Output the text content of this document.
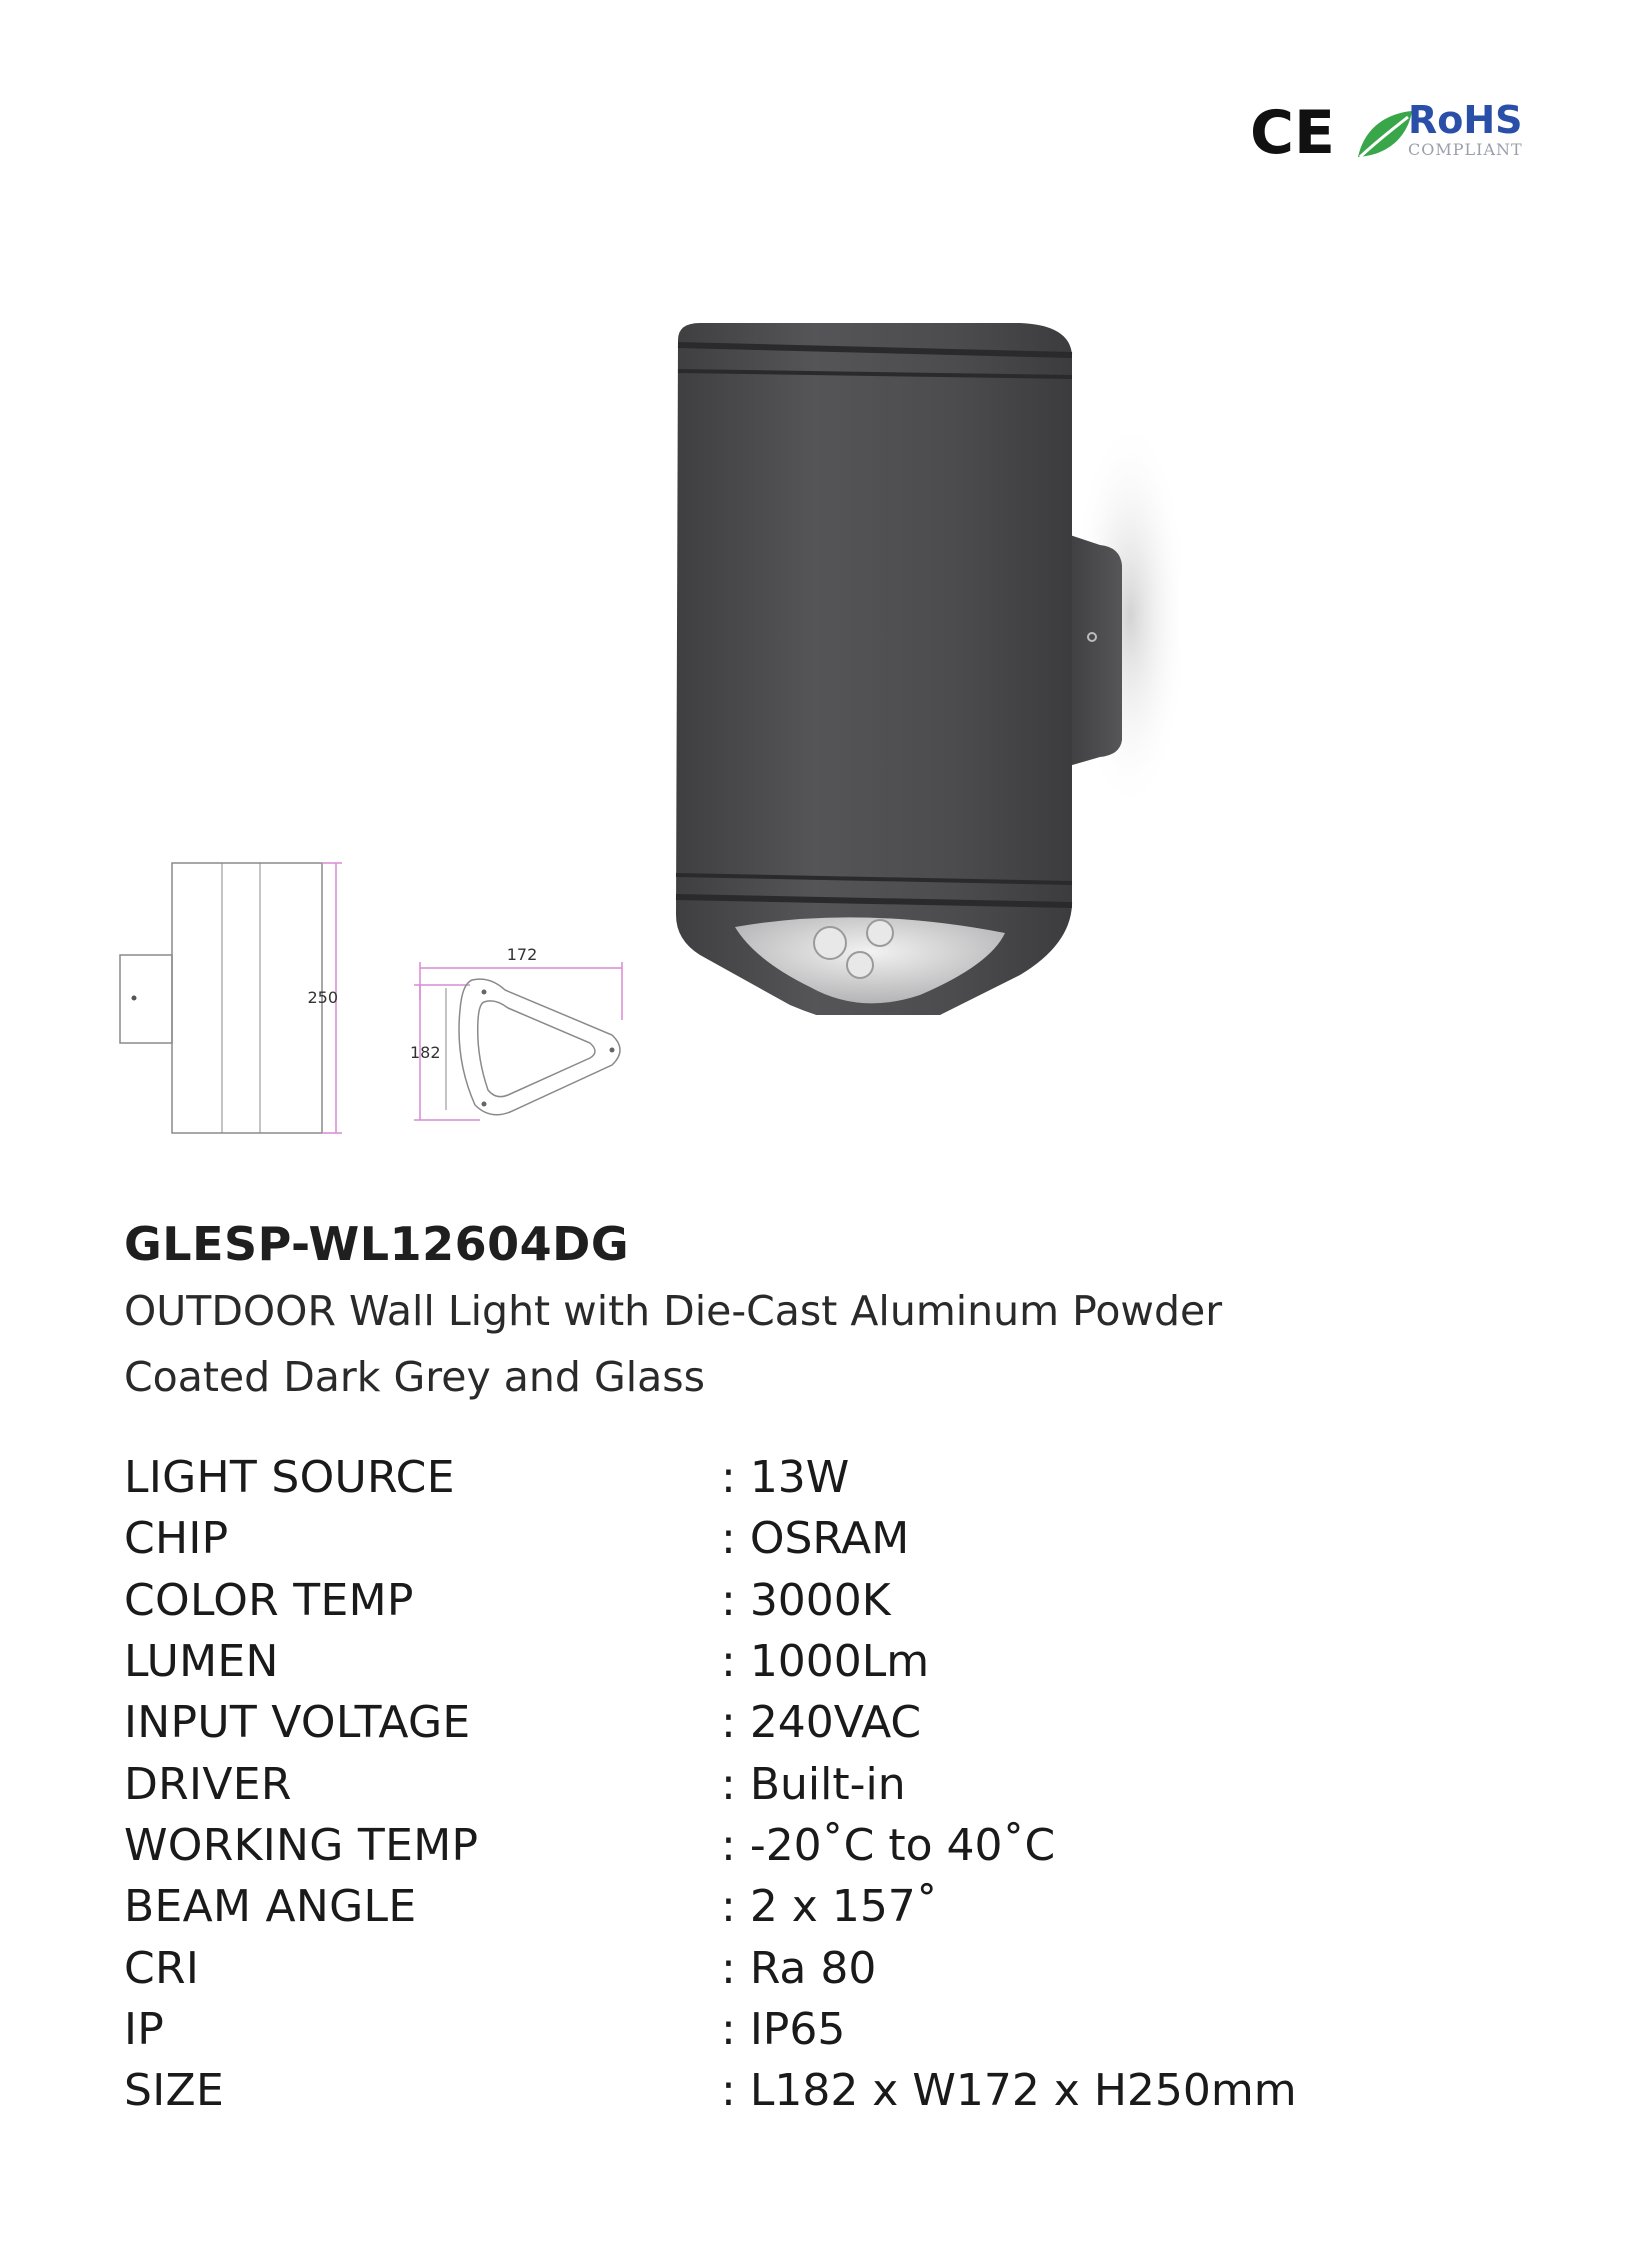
CE RoHS
COMPLIANT
250
172
182
GLESP-WL12604DG

OUTDOOR Wall Light with Die-Cast Aluminum Powder

Coated Dark Grey and Glass

LIGHT SOURCE	: 13W
CHIP	: OSRAM
COLOR TEMP	: 3000K
LUMEN	: 1000Lm
INPUT VOLTAGE	: 240VAC
DRIVER	: Built-in
WORKING TEMP	: -20˚C to 40˚C
BEAM ANGLE	: 2 x 157˚
CRI	: Ra 80
IP	: IP65
SIZE	: L182 x W172 x H250mm
